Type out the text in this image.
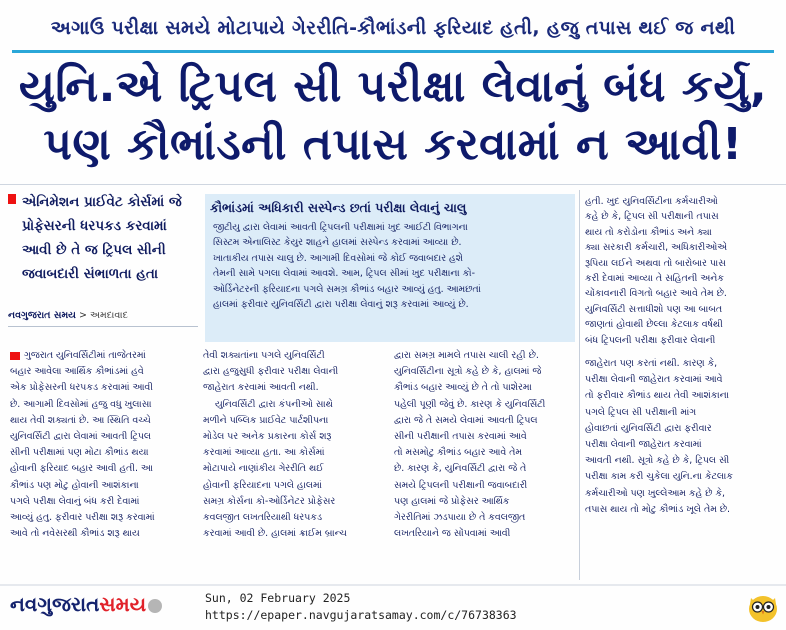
અગાઉ પરીક્ષા સમયે મોટાપાયે ગેરરીતિ-કૌભાંડની ફરિયાદ હતી, હજુ તપાસ થઈ જ નથી
યુનિ.એ ટ્રિપલ સી પરીક્ષા લેવાનું બંધ કર્યુ,
પણ કૌભાંડની તપાસ કરવામાં ન આવી!
એનિમેશન પ્રાઈવેટ કોર્સમાં જે પ્રોફેસરની ધરપકડ કરવામાં આવી છે તે જ ટ્રિપલ સીની જવાબદારી સંભાળતા હતા
નવગુજરાત સમય > અમદાવાદ
કૌભાંડમાં અધિકારી સસ્પેન્ડ છતાં પરીક્ષા લેવાનું ચાલુ

જીટીયુ દ્વારા લેવામાં આવતી ટ્રિપલની પરીક્ષામાં ખુદ આઈટી વિભાગના

સિસ્ટમ એનાલિસ્ટ કેયુર શાહને હાલમાં સસ્પેન્ડ કરવામાં આવ્યા છે.

ખાતાકીય તપાસ ચાલુ છે. આગામી દિવસોમાં જે કોઈ જવાબદાર હશે

તેમની સામે પગલા લેવામાં આવશે. આમ, ટ્રિપલ સીમાં ખુદ પરીક્ષાના કો-

ઓર્ડિનેટરની ફરિયાદના પગલે સમગ્ર કૌભાંડ બહાર આવ્યું હતુ. આમછતાં

હાલમાં ફરીવાર યુનિવર્સિટી દ્વારા પરીક્ષા લેવાનું શરૂ કરવામાં આવ્યું છે.

હતી. ખુદ યુનિવર્સિટીના કર્મચારીઓ

કહે છે કે, ટ્રિપલ સી પરીક્ષાની તપાસ

થાય તો કરોડોના કૌભાંડ અને ક્યા

ક્યા સરકારી કર્મચારી, અધિકારીઓએ

રૂપિયા લઈને અથવા તો બારોબાર પાસ

કરી દેવામાં આવ્યા તે સહિતની અનેક

ચોંકાવનારી વિગતો બહાર આવે તેમ છે.

યુનિવર્સિટી સત્તાધીશો પણ આ બાબત

જાણતાં હોવાથી છેલ્લા કેટલાક વર્ષથી

બંધ ટ્રિપલની પરીક્ષા ફરીવાર લેવાની

ગુજરાત યુનિવર્સિટીમાં તાજેતરમાં

બહાર આવેલા આર્થિક કૌભાંડમાં હવે

એક પ્રોફેસરની ધરપકડ કરવામાં આવી

છે. આગામી દિવસોમાં હજુ વધુ ખુલાસા

થાય તેવી શક્યતાં છે. આ સ્થિતિ વચ્ચે

યુનિવર્સિટી દ્વારા લેવામાં આવતી ટ્રિપલ

સીની પરીક્ષામાં પણ મોટા કૌભાંડ થયા

હોવાની ફરિયાદ બહાર આવી હતી. આ

કૌભાંડ પણ મોટુ હોવાની આશંકાના

પગલે પરીક્ષા લેવાનું બંધ કરી દેવામાં

આવ્યું હતુ. ફરીવાર પરીક્ષા શરૂ કરવામાં

આવે તો નવેસરથી કૌભાંડ શરૂ થાય

તેવી શક્યતાંના પગલે યુનિવર્સિટી

દ્વારા હજુસુધી ફરીવાર પરીક્ષા લેવાની

જાહેરાત કરવામાં આવતી નથી.

યુનિવર્સિટી દ્વારા કંપનીઓ સાથે

મળીને પબ્લિક પ્રાઈવેટ પાર્ટશીપના

મોડેલ પર અનેક પ્રકારના કોર્સ શરૂ

કરવામાં આવ્યા હતા. આ કોર્સમાં

મોટાપાયે નાણાંકીય ગેરરીતિ થઈ

હોવાની ફરિયાદના પગલે હાલમાં

સમગ્ર કોર્સના કો-ઓર્ડિનેટર પ્રોફેસર

કવલજીત લખતરિયાથી ધરપકડ

કરવામાં આવી છે. હાલમાં ક્રાઈમ બ્રાન્ચ

દ્વારા સમગ્ર મામલે તપાસ ચાલી રહી છે.

યુનિવર્સિટીના સૂત્રો કહે છે કે, હાલમાં જે

કૌભાંડ બહાર આવ્યું છે તે તો પાશેરમા

પહેલી પૂણી જેવું છે. કારણ કે યુનિવર્સિટી

દ્વારા જે તે સમયે લેવામાં આવતી ટ્રિપલ

સીની પરીક્ષાની તપાસ કરવામાં આવે

તો મસમોટુ કૌભાંડ બહાર આવે તેમ

છે. કારણ કે, યુનિવર્સિટી દ્વારા જે તે

સમયે ટ્રિપલની પરીક્ષાની જવાબદારી

પણ હાલમાં જે પ્રોફેસર આર્થિક

ગેરરીતિમાં ઝડપાયા છે તે કવલજીત

લખતરિયાને જ સોંપવામાં આવી

જાહેરાત પણ કરતાં નથી. કારણ કે,

પરીક્ષા લેવાની જાહેરાત કરવામાં આવે

તો ફરીવાર કૌભાંડ થાય તેવી આશંકાના

પગલે ટ્રિપલ સી પરીક્ષાની માંગ

હોવાછતાં યુનિવર્સિટી દ્વારા ફરીવાર

પરીક્ષા લેવાની જાહેરાત કરવામાં

આવતી નથી. સૂત્રો કહે છે કે, ટ્રિપલ સી

પરીક્ષા કામ કરી ચુકેલા યુનિ.ના કેટલાક

કર્મચારીઓ પણ ખુલ્લેઆમ કહે છે કે,

તપાસ થાય તો મોટુ કૌભાંડ ખૂલે તેમ છે.

નવગુજરાતસમય	Sun, 02 February 2025
https://epaper.navgujaratsamay.com/c/76738363
